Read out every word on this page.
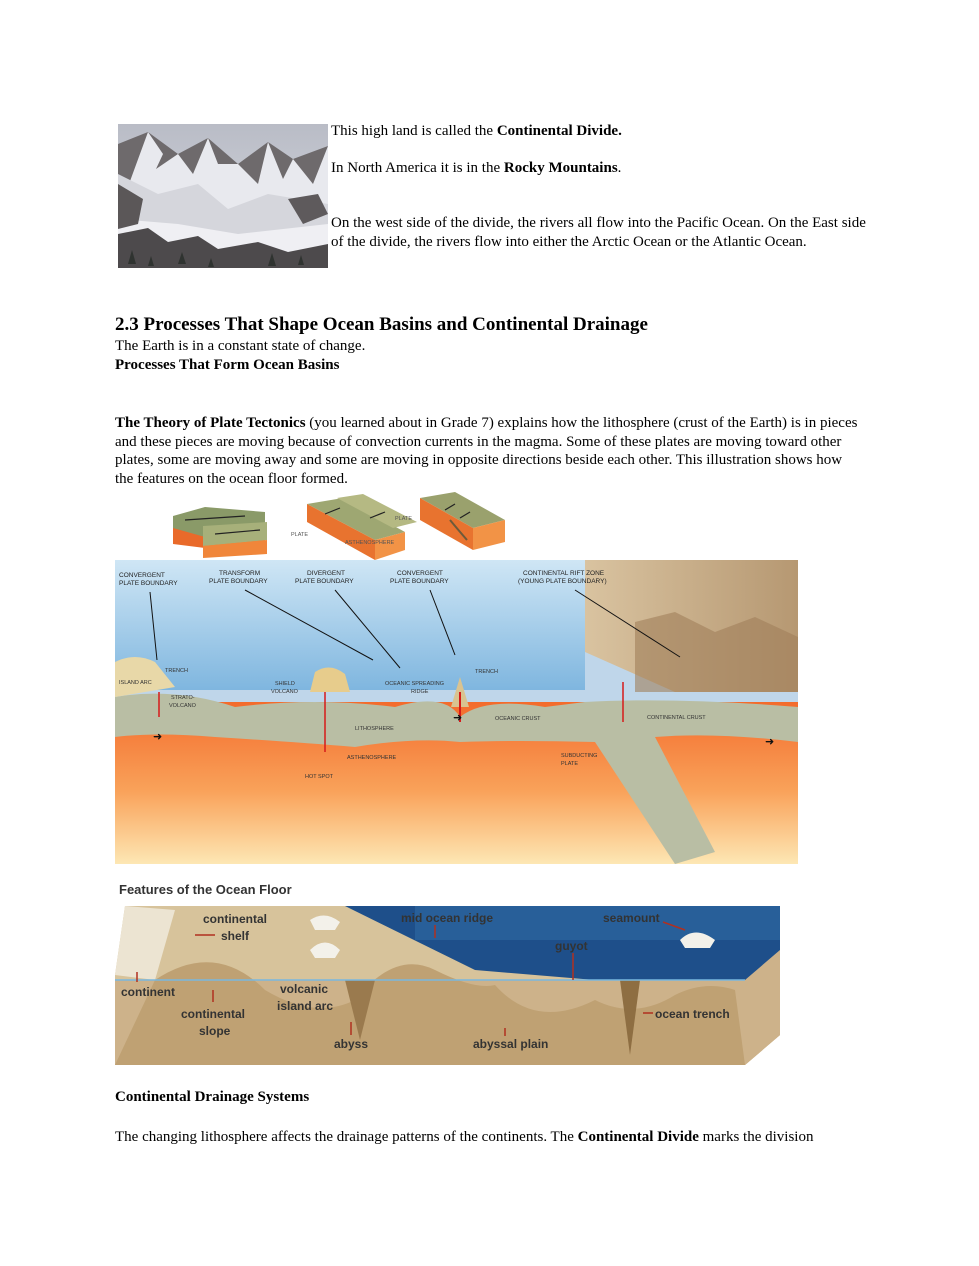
This high land is called the Continental Divide.

In North America it is in the Rocky Mountains.

On the west side of the divide, the rivers all flow into the Pacific Ocean. On the East side of the divide, the rivers flow into either the Arctic Ocean or the Atlantic Ocean.

2.3 Processes That Shape Ocean Basins and Continental Drainage
The Earth is in a constant state of change.
Processes That Form Ocean Basins
The Theory of Plate Tectonics (you learned about in Grade 7) explains how the lithosphere (crust of the Earth) is in pieces and these pieces are moving because of convection currents in the magma. Some of these plates are moving toward other plates, some are moving away and some are moving in opposite directions beside each other. This illustration shows how the features on the ocean floor formed.
PLATE
PLATE
ASTHENOSPHERE
CONVERGENT
PLATE BOUNDARY
TRANSFORM
PLATE BOUNDARY
DIVERGENT
PLATE BOUNDARY
CONVERGENT
PLATE BOUNDARY
CONTINENTAL RIFT ZONE
(YOUNG PLATE BOUNDARY)
TRENCH
ISLAND ARC
STRATO-
VOLCANO
SHIELD
VOLCANO
OCEANIC SPREADING
RIDGE
TRENCH
OCEANIC CRUST	CONTINENTAL CRUST
LITHOSPHERE
ASTHENOSPHERE
HOT SPOT
SUBDUCTING
PLATE
➜	➜
➜
Features of the Ocean Floor
continental
shelf
mid ocean ridge	seamount
guyot
continent	volcanic
island arc
continental
slope
abyss	abyssal plain
ocean trench
Continental Drainage Systems
The changing lithosphere affects the drainage patterns of the continents. The Continental Divide marks the division
